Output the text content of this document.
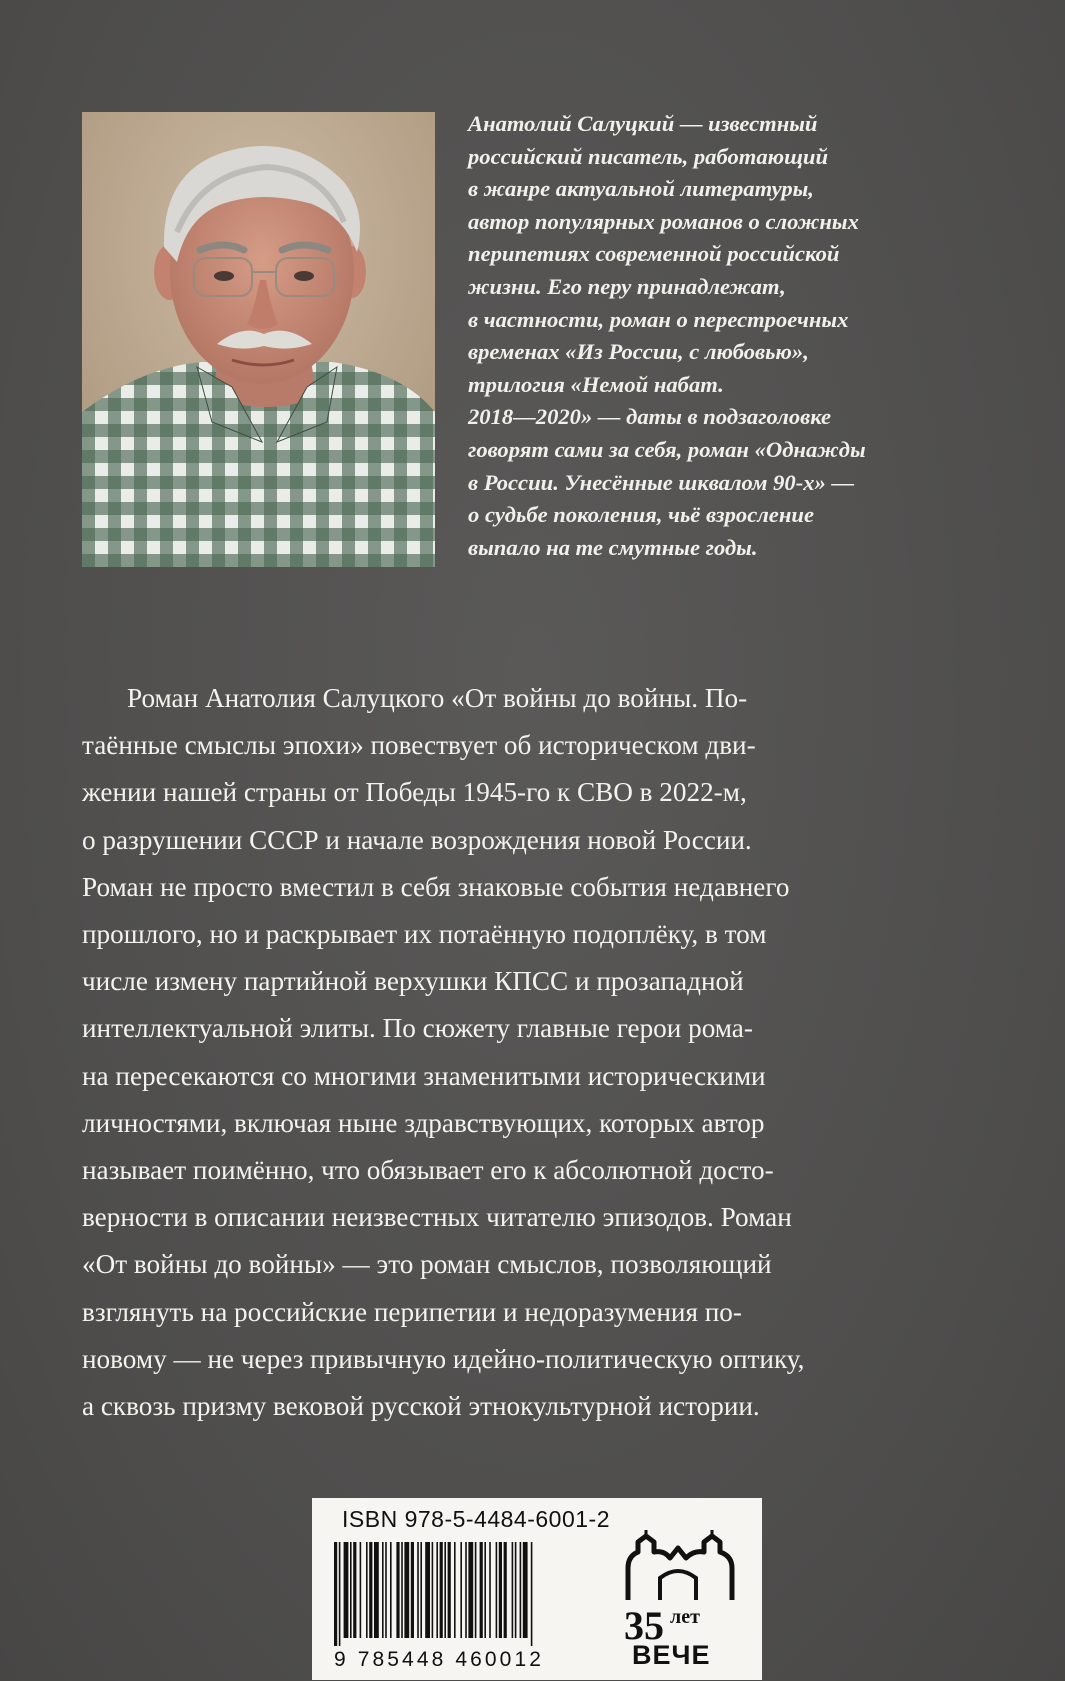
Анатолий Салуцкий — известный
российский писатель, работающий
в жанре актуальной литературы,
автор популярных романов о сложных
перипетиях современной российской
жизни. Его перу принадлежат,
в частности, роман о перестроечных
временах «Из России, с любовью»,
трилогия «Немой набат.
2018—2020» — даты в подзаголовке
говорят сами за себя, роман «Однажды
в России. Унесённые шквалом 90-х» —
о судьбе поколения, чьё взросление
выпало на те смутные годы.

Роман Анатолия Салуцкого «От войны до войны. По-
таённые смыслы эпохи» повествует об историческом дви-
жении нашей страны от Победы 1945-го к СВО в 2022-м,
о разрушении СССР и начале возрождения новой России.
Роман не просто вместил в себя знаковые события недавнего
прошлого, но и раскрывает их потаённую подоплёку, в том
числе измену партийной верхушки КПСС и прозападной
интеллектуальной элиты. По сюжету главные герои рома-
на пересекаются со многими знаменитыми историческими
личностями, включая ныне здравствующих, которых автор
называет поимённо, что обязывает его к абсолютной досто-
верности в описании неизвестных читателю эпизодов. Роман
«От войны до войны» — это роман смыслов, позволяющий
взглянуть на российские перипетии и недоразумения по-
новому — не через привычную идейно-политическую оптику,
а сквозь призму вековой русской этнокультурной истории.

ISBN 978-5-4484-6001-2
9 785448 460012
35 лет
ВЕЧЕ
